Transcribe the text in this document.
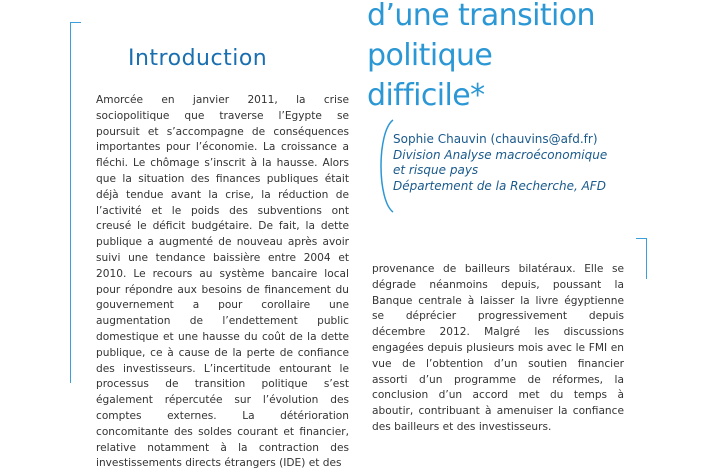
d’une transition politique
difficile*
Introduction

Amorcée en janvier 2011, la crise sociopolitique que traverse l’Egypte se poursuit et s’accompagne de conséquences importantes pour l’économie. La croissance a fléchi. Le chômage s’inscrit à la hausse. Alors que la situation des finances publiques était déjà tendue avant la crise, la réduction de l’activité et le poids des subventions ont creusé le déficit budgétaire. De fait, la dette publique a augmenté de nouveau après avoir suivi une tendance baissière entre 2004 et 2010. Le recours au système bancaire local pour répondre aux besoins de financement du gouvernement a pour corollaire une augmentation de l’endettement public domestique et une hausse du coût de la dette publique, ce à cause de la perte de confiance des investisseurs. L’incertitude entourant le processus de transition politique s’est également répercutée sur l’évolution des comptes externes. La détérioration concomitante des soldes courant et financier, relative notamment à la contraction des investissements directs étrangers (IDE) et des

Sophie Chauvin (chauvins@afd.fr)
Division Analyse macroéconomique
et risque pays
Département de la Recherche, AFD

provenance de bailleurs bilatéraux. Elle se dégrade néanmoins depuis, poussant la Banque centrale à laisser la livre égyptienne se déprécier progressivement depuis décembre 2012. Malgré les discussions engagées depuis plusieurs mois avec le FMI en vue de l’obtention d’un soutien financier assorti d’un programme de réformes, la conclusion d’un accord met du temps à aboutir, contribuant à amenuiser la confiance des bailleurs et des investisseurs.
